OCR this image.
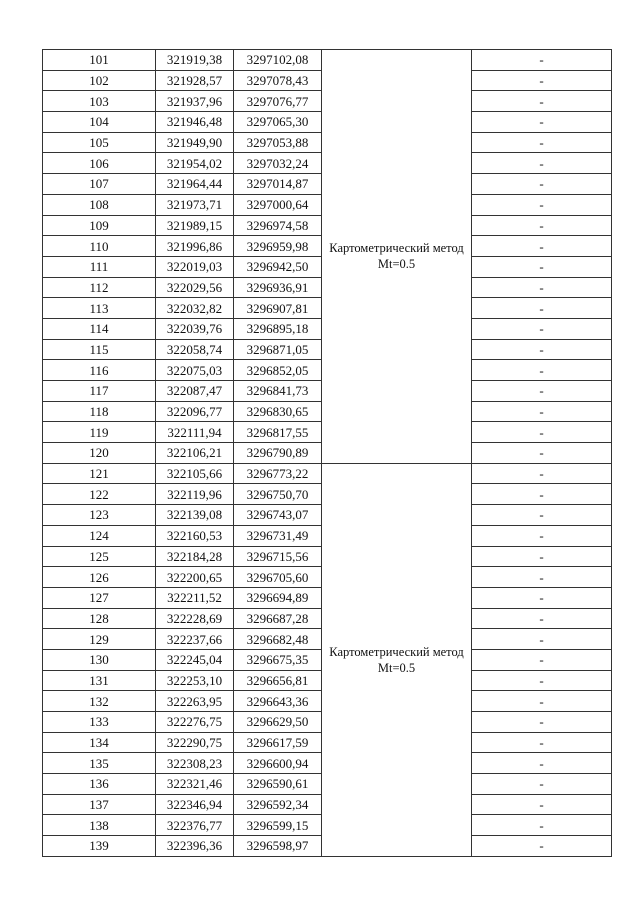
101	321919,38	3297102,08	Картометрический метод Mt=0.5	-
102	321928,57	3297078,43		-
103	321937,96	3297076,77		-
104	321946,48	3297065,30		-
105	321949,90	3297053,88		-
106	321954,02	3297032,24		-
107	321964,44	3297014,87		-
108	321973,71	3297000,64		-
109	321989,15	3296974,58		-
110	321996,86	3296959,98		-
111	322019,03	3296942,50		-
112	322029,56	3296936,91		-
113	322032,82	3296907,81		-
114	322039,76	3296895,18		-
115	322058,74	3296871,05		-
116	322075,03	3296852,05		-
117	322087,47	3296841,73		-
118	322096,77	3296830,65		-
119	322111,94	3296817,55		-
120	322106,21	3296790,89		-
121	322105,66	3296773,22	Картометрический метод Mt=0.5	-
122	322119,96	3296750,70		-
123	322139,08	3296743,07		-
124	322160,53	3296731,49		-
125	322184,28	3296715,56		-
126	322200,65	3296705,60		-
127	322211,52	3296694,89		-
128	322228,69	3296687,28		-
129	322237,66	3296682,48		-
130	322245,04	3296675,35		-
131	322253,10	3296656,81		-
132	322263,95	3296643,36		-
133	322276,75	3296629,50		-
134	322290,75	3296617,59		-
135	322308,23	3296600,94		-
136	322321,46	3296590,61		-
137	322346,94	3296592,34		-
138	322376,77	3296599,15		-
139	322396,36	3296598,97		-
